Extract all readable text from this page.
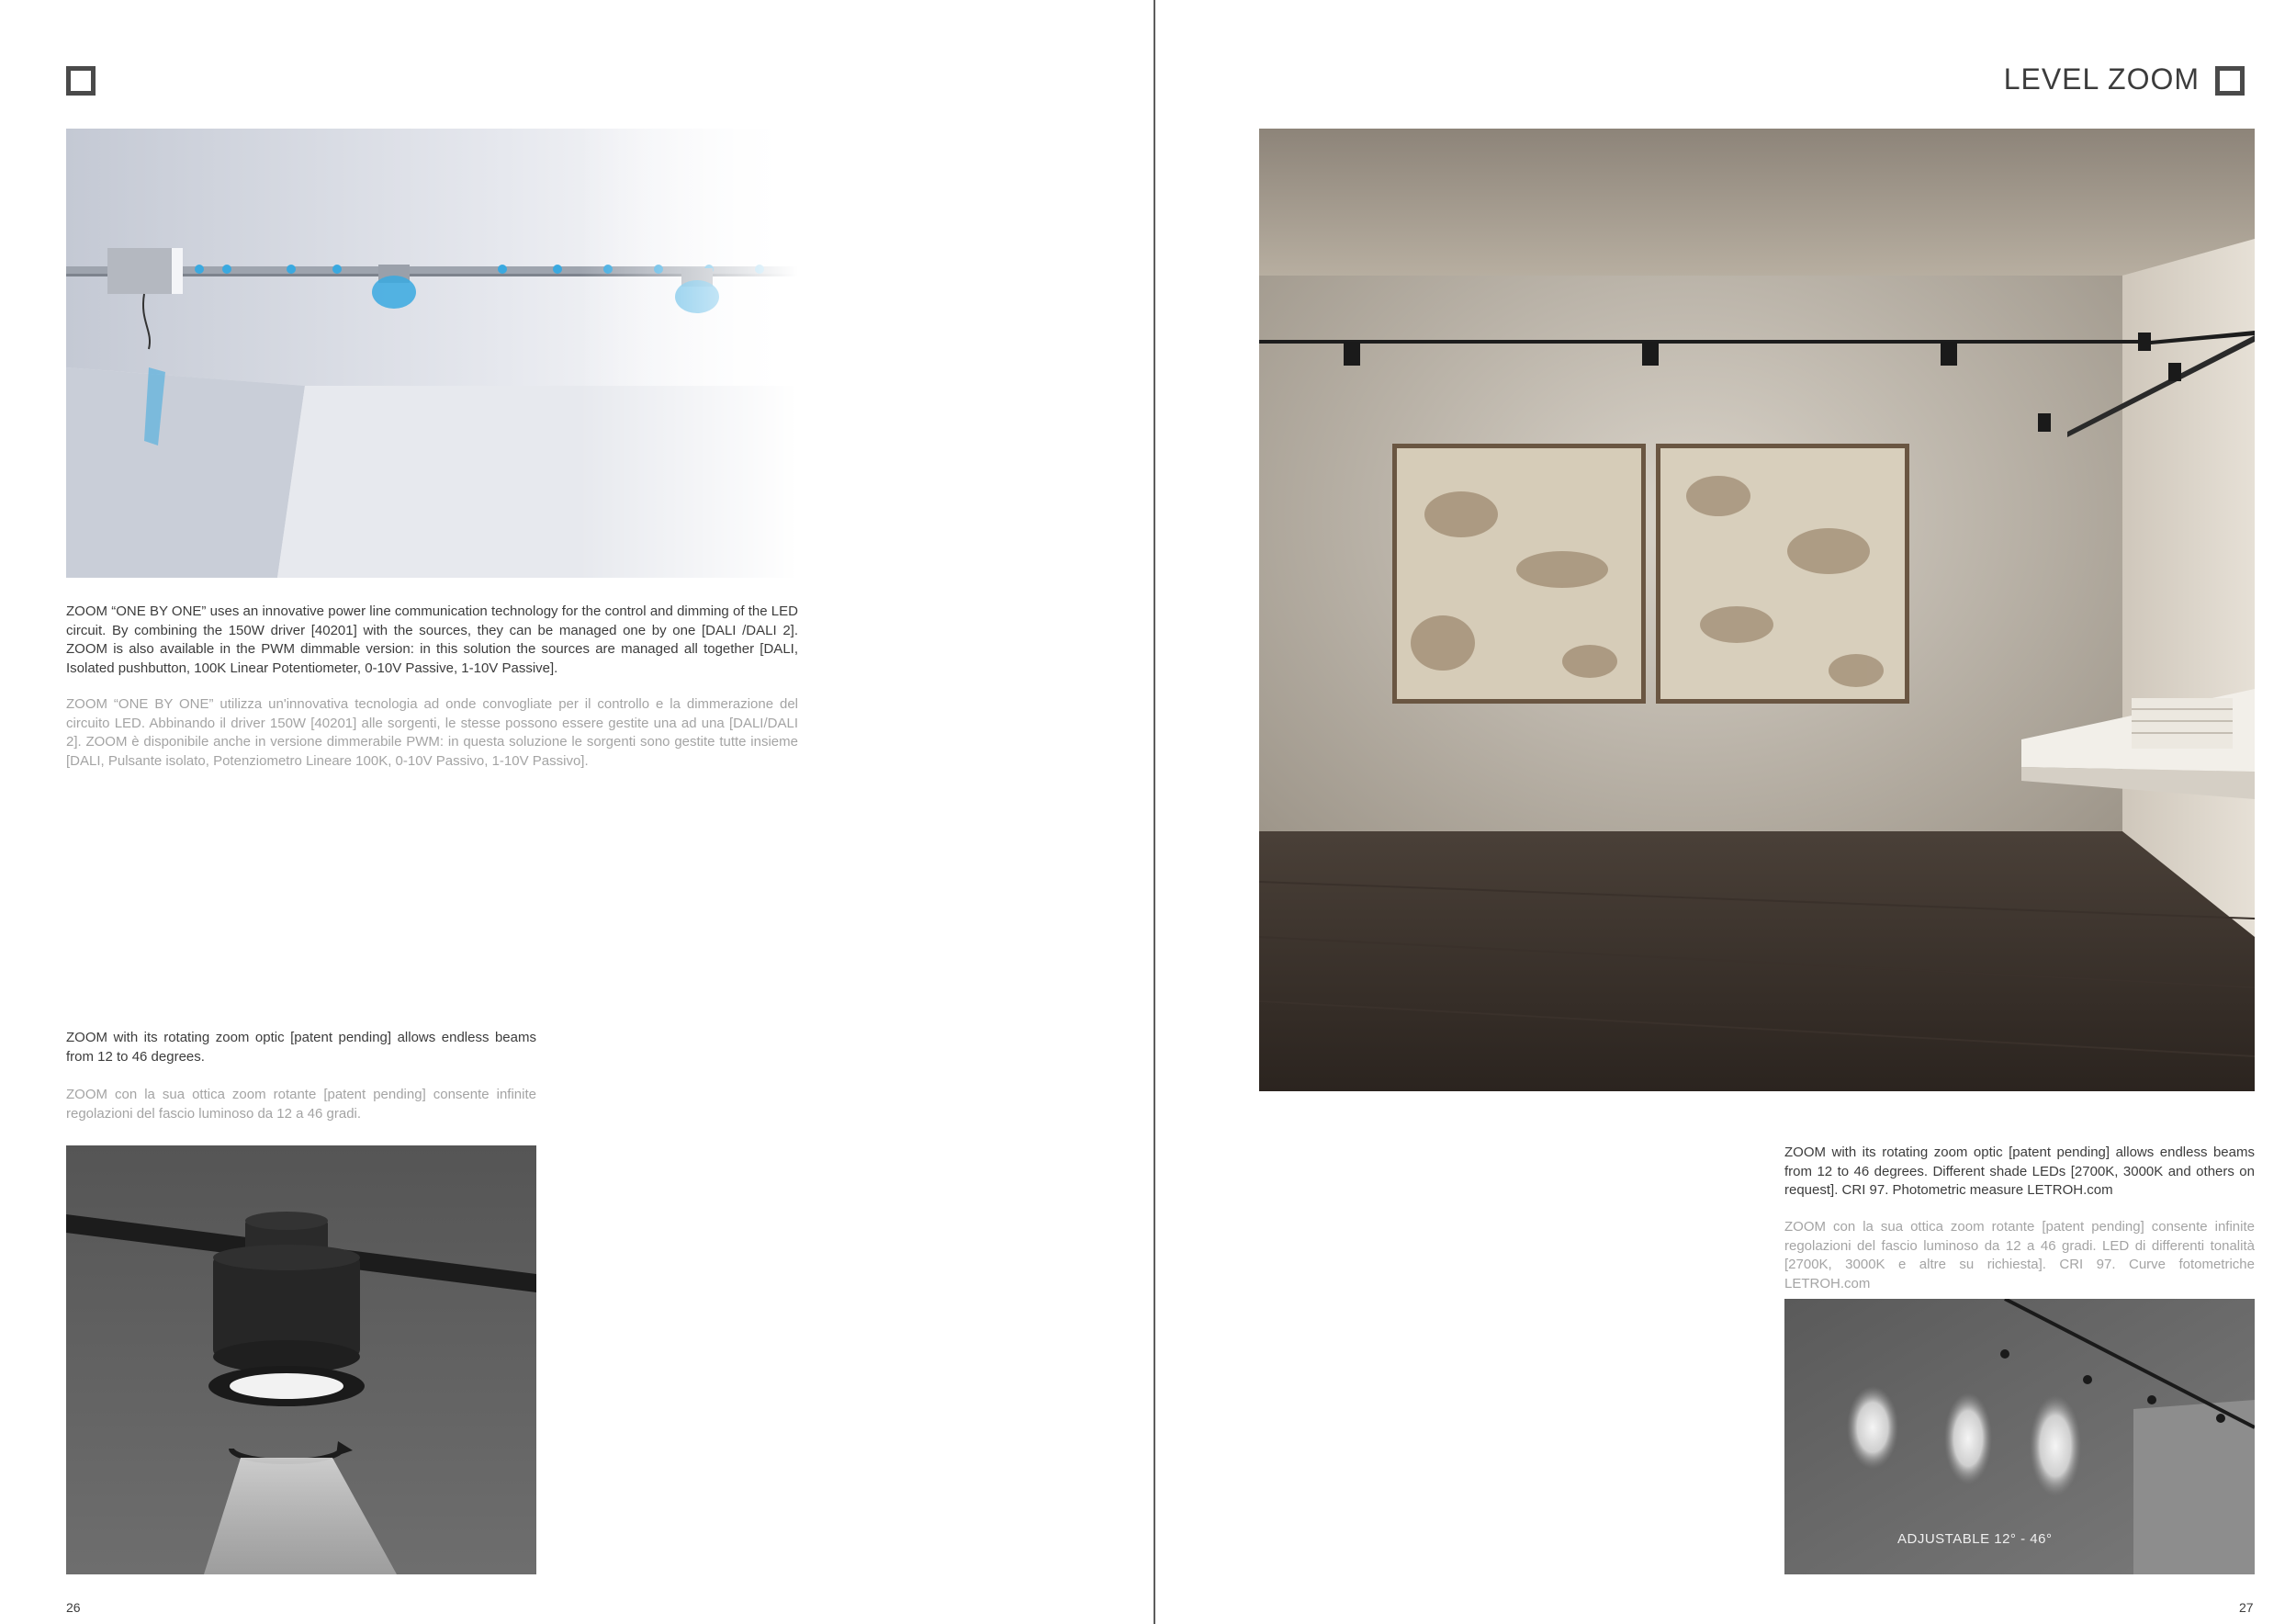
ZOOM “ONE BY ONE” uses an innovative power line communication technology for the control and dimming of the LED circuit. By combining the 150W driver [40201] with the sources, they can be managed one by one [DALI /DALI 2]. ZOOM is also available in the PWM dimmable version: in this solution the sources are managed all together [DALI, Isolated pushbutton, 100K Linear Potentiometer, 0-10V Passive, 1-10V Passive].

ZOOM “ONE BY ONE” utilizza un'innovativa tecnologia ad onde convogliate per il controllo e la dimmerazione del circuito LED. Abbinando il driver 150W [40201] alle sorgenti, le stesse possono essere gestite una ad una [DALI/DALI 2]. ZOOM è disponibile anche in versione dimmerabile PWM: in questa soluzione le sorgenti sono gestite tutte insieme [DALI, Pulsante isolato, Potenziometro Lineare 100K, 0-10V Passivo, 1-10V Passivo].

ZOOM with its rotating zoom optic [patent pending] allows endless beams from 12 to 46 degrees.

ZOOM con la sua ottica zoom rotante [patent pending] consente infinite regolazioni del fascio luminoso da 12 a 46 gradi.

26
LEVEL ZOOM

ZOOM with its rotating zoom optic [patent pending] allows endless beams from 12 to 46 degrees. Different shade LEDs [2700K, 3000K and others on request]. CRI 97. Photometric measure LETROH.com

ZOOM con la sua ottica zoom rotante [patent pending] consente infinite regolazioni del fascio luminoso da 12 a 46 gradi. LED di differenti tonalità [2700K, 3000K e altre su richiesta]. CRI 97. Curve fotometriche LETROH.com

ADJUSTABLE 12° - 46°
27
